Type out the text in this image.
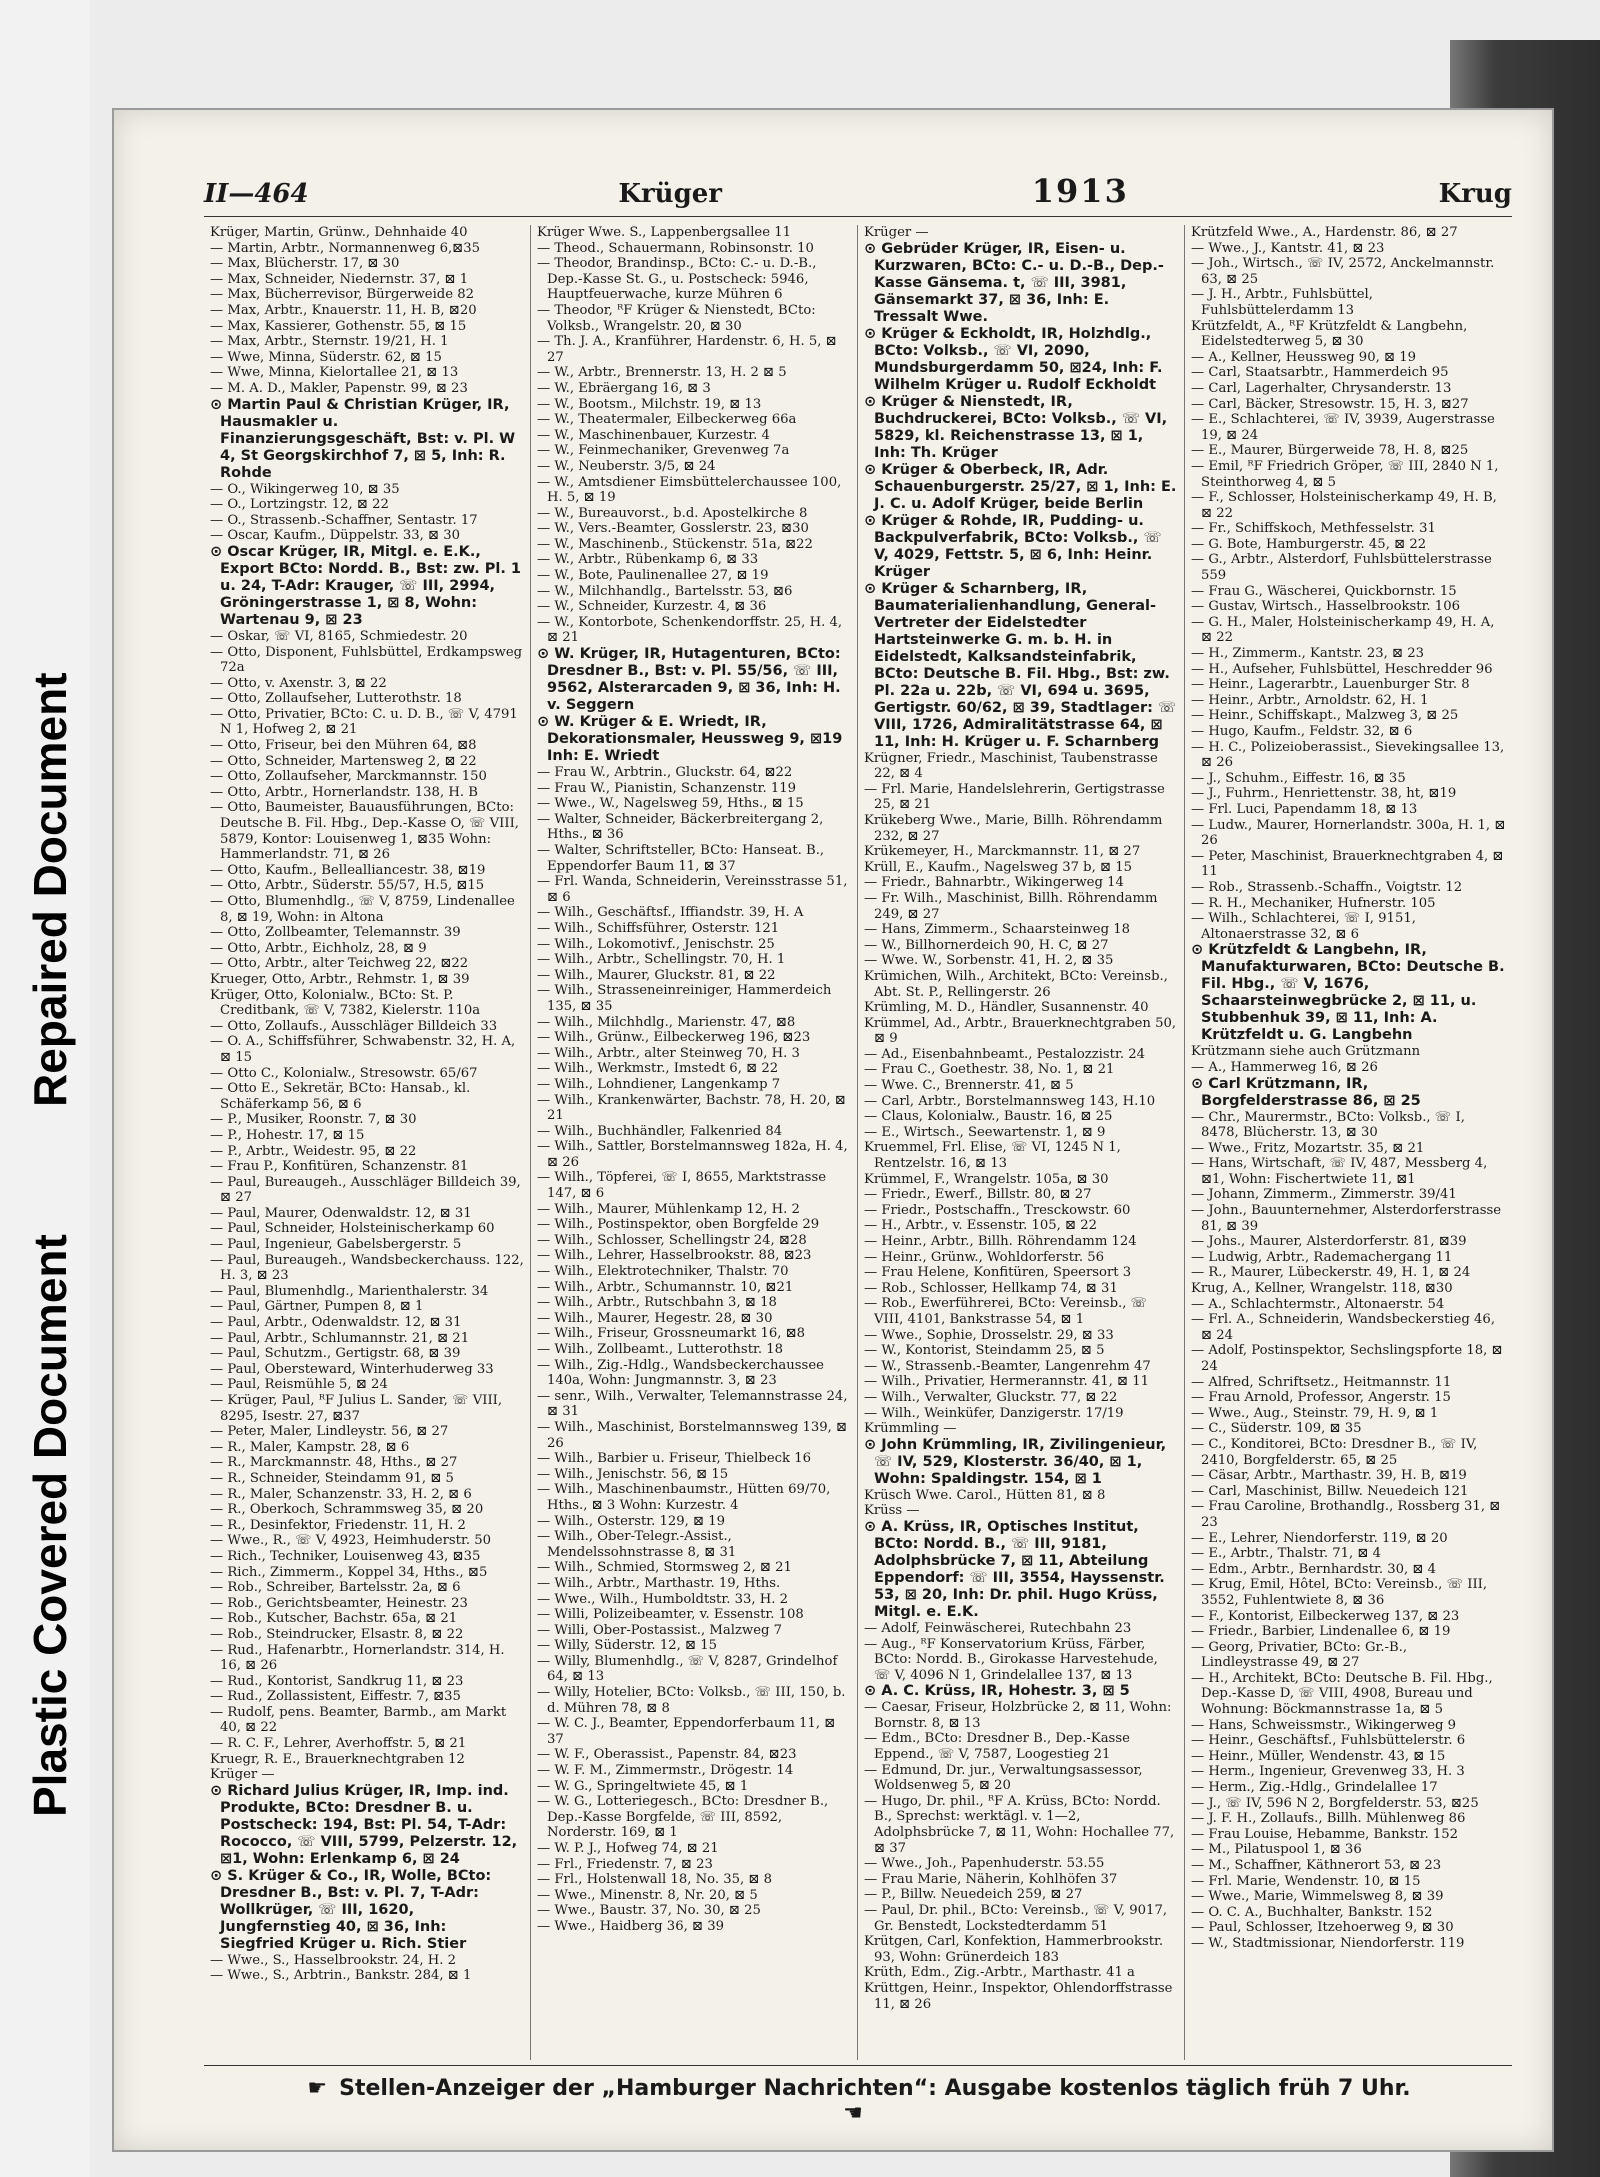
Repaired Document
Plastic Covered Document
II—464	Krüger	1913	Krug
Krüger, Martin, Grünw., Dehnhaide 40
— Martin, Arbtr., Normannenweg 6,⊠35
— Max, Blücherstr. 17, ⊠ 30
— Max, Schneider, Niedernstr. 37, ⊠ 1
— Max, Bücherrevisor, Bürgerweide 82
— Max, Arbtr., Knauerstr. 11, H. B, ⊠20
— Max, Kassierer, Gothenstr. 55, ⊠ 15
— Max, Arbtr., Sternstr. 19/21, H. 1
— Wwe, Minna, Süderstr. 62, ⊠ 15
— Wwe, Minna, Kielortallee 21, ⊠ 13
— M. A. D., Makler, Papenstr. 99, ⊠ 23
⊙ Martin Paul & Christian Krüger, IR, Hausmakler u. Finanzierungsgeschäft, Bst: v. Pl. W 4, St Georgskirchhof 7, ⊠ 5, Inh: R. Rohde
— O., Wikingerweg 10, ⊠ 35
— O., Lortzingstr. 12, ⊠ 22
— O., Strassenb.-Schaffner, Sentastr. 17
— Oscar, Kaufm., Düppelstr. 33, ⊠ 30
⊙ Oscar Krüger, IR, Mitgl. e. E.K., Export BCto: Nordd. B., Bst: zw. Pl. 1 u. 24, T-Adr: Krauger, ☏ III, 2994, Gröningerstrasse 1, ⊠ 8, Wohn: Wartenau 9, ⊠ 23
— Oskar, ☏ VI, 8165, Schmiedestr. 20
— Otto, Disponent, Fuhlsbüttel, Erdkampsweg 72a
— Otto, v. Axenstr. 3, ⊠ 22
— Otto, Zollaufseher, Lutterothstr. 18
— Otto, Privatier, BCto: C. u. D. B., ☏ V, 4791 N 1, Hofweg 2, ⊠ 21
— Otto, Friseur, bei den Mühren 64, ⊠8
— Otto, Schneider, Martensweg 2, ⊠ 22
— Otto, Zollaufseher, Marckmannstr. 150
— Otto, Arbtr., Hornerlandstr. 138, H. B
— Otto, Baumeister, Bauausführungen, BCto: Deutsche B. Fil. Hbg., Dep.-Kasse O, ☏ VIII, 5879, Kontor: Louisenweg 1, ⊠35 Wohn: Hammerlandstr. 71, ⊠ 26
— Otto, Kaufm., Bellealliancestr. 38, ⊠19
— Otto, Arbtr., Süderstr. 55/57, H.5, ⊠15
— Otto, Blumenhdlg., ☏ V, 8759, Lindenallee 8, ⊠ 19, Wohn: in Altona
— Otto, Zollbeamter, Telemannstr. 39
— Otto, Arbtr., Eichholz, 28, ⊠ 9
— Otto, Arbtr., alter Teichweg 22, ⊠22
Krueger, Otto, Arbtr., Rehmstr. 1, ⊠ 39
Krüger, Otto, Kolonialw., BCto: St. P. Creditbank, ☏ V, 7382, Kielerstr. 110a
— Otto, Zollaufs., Ausschläger Billdeich 33
— O. A., Schiffsführer, Schwabenstr. 32, H. A, ⊠ 15
— Otto C., Kolonialw., Stresowstr. 65/67
— Otto E., Sekretär, BCto: Hansab., kl. Schäferkamp 56, ⊠ 6
— P., Musiker, Roonstr. 7, ⊠ 30
— P., Hohestr. 17, ⊠ 15
— P., Arbtr., Weidestr. 95, ⊠ 22
— Frau P., Konfitüren, Schanzenstr. 81
— Paul, Bureaugeh., Ausschläger Billdeich 39, ⊠ 27
— Paul, Maurer, Odenwaldstr. 12, ⊠ 31
— Paul, Schneider, Holsteinischerkamp 60
— Paul, Ingenieur, Gabelsbergerstr. 5
— Paul, Bureaugeh., Wandsbeckerchauss. 122, H. 3, ⊠ 23
— Paul, Blumenhdlg., Marienthalerstr. 34
— Paul, Gärtner, Pumpen 8, ⊠ 1
— Paul, Arbtr., Odenwaldstr. 12, ⊠ 31
— Paul, Arbtr., Schlumannstr. 21, ⊠ 21
— Paul, Schutzm., Gertigstr. 68, ⊠ 39
— Paul, Obersteward, Winterhuderweg 33
— Paul, Reismühle 5, ⊠ 24
— Krüger, Paul, ᴿF Julius L. Sander, ☏ VIII, 8295, Isestr. 27, ⊠37
— Peter, Maler, Lindleystr. 56, ⊠ 27
— R., Maler, Kampstr. 28, ⊠ 6
— R., Marckmannstr. 48, Hths., ⊠ 27
— R., Schneider, Steindamm 91, ⊠ 5
— R., Maler, Schanzenstr. 33, H. 2, ⊠ 6
— R., Oberkoch, Schrammsweg 35, ⊠ 20
— R., Desinfektor, Friedenstr. 11, H. 2
— Wwe., R., ☏ V, 4923, Heimhuderstr. 50
— Rich., Techniker, Louisenweg 43, ⊠35
— Rich., Zimmerm., Koppel 34, Hths., ⊠5
— Rob., Schreiber, Bartelsstr. 2a, ⊠ 6
— Rob., Gerichtsbeamter, Heinestr. 23
— Rob., Kutscher, Bachstr. 65a, ⊠ 21
— Rob., Steindrucker, Elsastr. 8, ⊠ 22
— Rud., Hafenarbtr., Hornerlandstr. 314, H. 16, ⊠ 26
— Rud., Kontorist, Sandkrug 11, ⊠ 23
— Rud., Zollassistent, Eiffestr. 7, ⊠35
— Rudolf, pens. Beamter, Barmb., am Markt 40, ⊠ 22
— R. C. F., Lehrer, Averhoffstr. 5, ⊠ 21
Kruegr, R. E., Brauerknechtgraben 12
Krüger —
⊙ Richard Julius Krüger, IR, Imp. ind. Produkte, BCto: Dresdner B. u. Postscheck: 194, Bst: Pl. 54, T-Adr: Rococco, ☏ VIII, 5799, Pelzerstr. 12, ⊠1, Wohn: Erlenkamp 6, ⊠ 24
⊙ S. Krüger & Co., IR, Wolle, BCto: Dresdner B., Bst: v. Pl. 7, T-Adr: Wollkrüger, ☏ III, 1620, Jungfernstieg 40, ⊠ 36, Inh: Siegfried Krüger u. Rich. Stier
— Wwe., S., Hasselbrookstr. 24, H. 2
— Wwe., S., Arbtrin., Bankstr. 284, ⊠ 1
Krüger Wwe. S., Lappenbergsallee 11
— Theod., Schauermann, Robinsonstr. 10
— Theodor, Brandinsp., BCto: C.- u. D.-B., Dep.-Kasse St. G., u. Postscheck: 5946, Hauptfeuerwache, kurze Mühren 6
— Theodor, ᴿF Krüger & Nienstedt, BCto: Volksb., Wrangelstr. 20, ⊠ 30
— Th. J. A., Kranführer, Hardenstr. 6, H. 5, ⊠ 27
— W., Arbtr., Brennerstr. 13, H. 2 ⊠ 5
— W., Ebräergang 16, ⊠ 3
— W., Bootsm., Milchstr. 19, ⊠ 13
— W., Theatermaler, Eilbeckerweg 66a
— W., Maschinenbauer, Kurzestr. 4
— W., Feinmechaniker, Grevenweg 7a
— W., Neuberstr. 3/5, ⊠ 24
— W., Amtsdiener Eimsbüttelerchaussee 100, H. 5, ⊠ 19
— W., Bureauvorst., b.d. Apostelkirche 8
— W., Vers.-Beamter, Gosslerstr. 23, ⊠30
— W., Maschinenb., Stückenstr. 51a, ⊠22
— W., Arbtr., Rübenkamp 6, ⊠ 33
— W., Bote, Paulinenallee 27, ⊠ 19
— W., Milchhandlg., Bartelsstr. 53, ⊠6
— W., Schneider, Kurzestr. 4, ⊠ 36
— W., Kontorbote, Schenkendorffstr. 25, H. 4, ⊠ 21
⊙ W. Krüger, IR, Hutagenturen, BCto: Dresdner B., Bst: v. Pl. 55/56, ☏ III, 9562, Alsterarcaden 9, ⊠ 36, Inh: H. v. Seggern
⊙ W. Krüger & E. Wriedt, IR, Dekorationsmaler, Heussweg 9, ⊠19 Inh: E. Wriedt
— Frau W., Arbtrin., Gluckstr. 64, ⊠22
— Frau W., Pianistin, Schanzenstr. 119
— Wwe., W., Nagelsweg 59, Hths., ⊠ 15
— Walter, Schneider, Bäckerbreitergang 2, Hths., ⊠ 36
— Walter, Schriftsteller, BCto: Hanseat. B., Eppendorfer Baum 11, ⊠ 37
— Frl. Wanda, Schneiderin, Vereinsstrasse 51, ⊠ 6
— Wilh., Geschäftsf., Iffiandstr. 39, H. A
— Wilh., Schiffsführer, Osterstr. 121
— Wilh., Lokomotivf., Jenischstr. 25
— Wilh., Arbtr., Schellingstr. 70, H. 1
— Wilh., Maurer, Gluckstr. 81, ⊠ 22
— Wilh., Strasseneinreiniger, Hammerdeich 135, ⊠ 35
— Wilh., Milchhdlg., Marienstr. 47, ⊠8
— Wilh., Grünw., Eilbeckerweg 196, ⊠23
— Wilh., Arbtr., alter Steinweg 70, H. 3
— Wilh., Werkmstr., Imstedt 6, ⊠ 22
— Wilh., Lohndiener, Langenkamp 7
— Wilh., Krankenwärter, Bachstr. 78, H. 20, ⊠ 21
— Wilh., Buchhändler, Falkenried 84
— Wilh., Sattler, Borstelmannsweg 182a, H. 4, ⊠ 26
— Wilh., Töpferei, ☏ I, 8655, Marktstrasse 147, ⊠ 6
— Wilh., Maurer, Mühlenkamp 12, H. 2
— Wilh., Postinspektor, oben Borgfelde 29
— Wilh., Schlosser, Schellingstr 24, ⊠28
— Wilh., Lehrer, Hasselbrookstr. 88, ⊠23
— Wilh., Elektrotechniker, Thalstr. 70
— Wilh., Arbtr., Schumannstr. 10, ⊠21
— Wilh., Arbtr., Rutschbahn 3, ⊠ 18
— Wilh., Maurer, Hegestr. 28, ⊠ 30
— Wilh., Friseur, Grossneumarkt 16, ⊠8
— Wilh., Zollbeamt., Lutterothstr. 18
— Wilh., Zig.-Hdlg., Wandsbeckerchaussee 140a, Wohn: Jungmannstr. 3, ⊠ 23
— senr., Wilh., Verwalter, Telemannstrasse 24, ⊠ 31
— Wilh., Maschinist, Borstelmannsweg 139, ⊠ 26
— Wilh., Barbier u. Friseur, Thielbeck 16
— Wilh., Jenischstr. 56, ⊠ 15
— Wilh., Maschinenbaumstr., Hütten 69/70, Hths., ⊠ 3 Wohn: Kurzestr. 4
— Wilh., Osterstr. 129, ⊠ 19
— Wilh., Ober-Telegr.-Assist., Mendelssohnstrasse 8, ⊠ 31
— Wilh., Schmied, Stormsweg 2, ⊠ 21
— Wilh., Arbtr., Marthastr. 19, Hths.
— Wwe., Wilh., Humboldtstr. 33, H. 2
— Willi, Polizeibeamter, v. Essenstr. 108
— Willi, Ober-Postassist., Malzweg 7
— Willy, Süderstr. 12, ⊠ 15
— Willy, Blumenhdlg., ☏ V, 8287, Grindelhof 64, ⊠ 13
— Willy, Hotelier, BCto: Volksb., ☏ III, 150, b. d. Mühren 78, ⊠ 8
— W. C. J., Beamter, Eppendorferbaum 11, ⊠ 37
— W. F., Oberassist., Papenstr. 84, ⊠23
— W. F. M., Zimmermstr., Drögestr. 14
— W. G., Springeltwiete 45, ⊠ 1
— W. G., Lotteriegesch., BCto: Dresdner B., Dep.-Kasse Borgfelde, ☏ III, 8592, Norderstr. 169, ⊠ 1
— W. P. J., Hofweg 74, ⊠ 21
— Frl., Friedenstr. 7, ⊠ 23
— Frl., Holstenwall 18, No. 35, ⊠ 8
— Wwe., Minenstr. 8, Nr. 20, ⊠ 5
— Wwe., Baustr. 37, No. 30, ⊠ 25
— Wwe., Haidberg 36, ⊠ 39
Krüger —
⊙ Gebrüder Krüger, IR, Eisen- u. Kurzwaren, BCto: C.- u. D.-B., Dep.-Kasse Gänsema. t, ☏ III, 3981, Gänsemarkt 37, ⊠ 36, Inh: E. Tressalt Wwe.
⊙ Krüger & Eckholdt, IR, Holzhdlg., BCto: Volksb., ☏ VI, 2090, Mundsburgerdamm 50, ⊠24, Inh: F. Wilhelm Krüger u. Rudolf Eckholdt
⊙ Krüger & Nienstedt, IR, Buchdruckerei, BCto: Volksb., ☏ VI, 5829, kl. Reichenstrasse 13, ⊠ 1, Inh: Th. Krüger
⊙ Krüger & Oberbeck, IR, Adr. Schauenburgerstr. 25/27, ⊠ 1, Inh: E. J. C. u. Adolf Krüger, beide Berlin
⊙ Krüger & Rohde, IR, Pudding- u. Backpulverfabrik, BCto: Volksb., ☏ V, 4029, Fettstr. 5, ⊠ 6, Inh: Heinr. Krüger
⊙ Krüger & Scharnberg, IR, Baumaterialienhandlung, General-Vertreter der Eidelstedter Hartsteinwerke G. m. b. H. in Eidelstedt, Kalksandsteinfabrik, BCto: Deutsche B. Fil. Hbg., Bst: zw. Pl. 22a u. 22b, ☏ VI, 694 u. 3695, Gertigstr. 60/62, ⊠ 39, Stadtlager: ☏ VIII, 1726, Admiralitätstrasse 64, ⊠ 11, Inh: H. Krüger u. F. Scharnberg
Krügner, Friedr., Maschinist, Taubenstrasse 22, ⊠ 4
— Frl. Marie, Handelslehrerin, Gertigstrasse 25, ⊠ 21
Krükeberg Wwe., Marie, Billh. Röhrendamm 232, ⊠ 27
Krükemeyer, H., Marckmannstr. 11, ⊠ 27
Krüll, E., Kaufm., Nagelsweg 37 b, ⊠ 15
— Friedr., Bahnarbtr., Wikingerweg 14
— Fr. Wilh., Maschinist, Billh. Röhrendamm 249, ⊠ 27
— Hans, Zimmerm., Schaarsteinweg 18
— W., Billhornerdeich 90, H. C, ⊠ 27
— Wwe. W., Sorbenstr. 41, H. 2, ⊠ 35
Krümichen, Wilh., Architekt, BCto: Vereinsb., Abt. St. P., Rellingerstr. 26
Krümling, M. D., Händler, Susannenstr. 40
Krümmel, Ad., Arbtr., Brauerknechtgraben 50, ⊠ 9
— Ad., Eisenbahnbeamt., Pestalozzistr. 24
— Frau C., Goethestr. 38, No. 1, ⊠ 21
— Wwe. C., Brennerstr. 41, ⊠ 5
— Carl, Arbtr., Borstelmannsweg 143, H.10
— Claus, Kolonialw., Baustr. 16, ⊠ 25
— E., Wirtsch., Seewartenstr. 1, ⊠ 9
Kruemmel, Frl. Elise, ☏ VI, 1245 N 1, Rentzelstr. 16, ⊠ 13
Krümmel, F., Wrangelstr. 105a, ⊠ 30
— Friedr., Ewerf., Billstr. 80, ⊠ 27
— Friedr., Postschaffn., Tresckowstr. 60
— H., Arbtr., v. Essenstr. 105, ⊠ 22
— Heinr., Arbtr., Billh. Röhrendamm 124
— Heinr., Grünw., Wohldorferstr. 56
— Frau Helene, Konfitüren, Speersort 3
— Rob., Schlosser, Hellkamp 74, ⊠ 31
— Rob., Ewerführerei, BCto: Vereinsb., ☏ VIII, 4101, Bankstrasse 54, ⊠ 1
— Wwe., Sophie, Drosselstr. 29, ⊠ 33
— W., Kontorist, Steindamm 25, ⊠ 5
— W., Strassenb.-Beamter, Langenrehm 47
— Wilh., Privatier, Hermerannstr. 41, ⊠ 11
— Wilh., Verwalter, Gluckstr. 77, ⊠ 22
— Wilh., Weinküfer, Danzigerstr. 17/19
Krümmling —
⊙ John Krümmling, IR, Zivilingenieur, ☏ IV, 529, Klosterstr. 36/40, ⊠ 1, Wohn: Spaldingstr. 154, ⊠ 1
Krüsch Wwe. Carol., Hütten 81, ⊠ 8
Krüss —
⊙ A. Krüss, IR, Optisches Institut, BCto: Nordd. B., ☏ III, 9181, Adolphsbrücke 7, ⊠ 11, Abteilung Eppendorf: ☏ III, 3554, Hayssenstr. 53, ⊠ 20, Inh: Dr. phil. Hugo Krüss, Mitgl. e. E.K.
— Adolf, Feinwäscherei, Rutechbahn 23
— Aug., ᴿF Konservatorium Krüss, Färber, BCto: Nordd. B., Girokasse Harvestehude, ☏ V, 4096 N 1, Grindelallee 137, ⊠ 13
⊙ A. C. Krüss, IR, Hohestr. 3, ⊠ 5
— Caesar, Friseur, Holzbrücke 2, ⊠ 11, Wohn: Bornstr. 8, ⊠ 13
— Edm., BCto: Dresdner B., Dep.-Kasse Eppend., ☏ V, 7587, Loogestieg 21
— Edmund, Dr. jur., Verwaltungsassessor, Woldsenweg 5, ⊠ 20
— Hugo, Dr. phil., ᴿF A. Krüss, BCto: Nordd. B., Sprechst: werktägl. v. 1—2, Adolphsbrücke 7, ⊠ 11, Wohn: Hochallee 77, ⊠ 37
— Wwe., Joh., Papenhuderstr. 53.55
— Frau Marie, Näherin, Kohlhöfen 37
— P., Billw. Neuedeich 259, ⊠ 27
— Paul, Dr. phil., BCto: Vereinsb., ☏ V, 9017, Gr. Benstedt, Lockstedterdamm 51
Krütgen, Carl, Konfektion, Hammerbrookstr. 93, Wohn: Grünerdeich 183
Krüth, Edm., Zig.-Arbtr., Marthastr. 41 a
Krüttgen, Heinr., Inspektor, Ohlendorffstrasse 11, ⊠ 26
Krützfeld Wwe., A., Hardenstr. 86, ⊠ 27
— Wwe., J., Kantstr. 41, ⊠ 23
— Joh., Wirtsch., ☏ IV, 2572, Anckelmannstr. 63, ⊠ 25
— J. H., Arbtr., Fuhlsbüttel, Fuhlsbüttelerdamm 13
Krützfeldt, A., ᴿF Krützfeldt & Langbehn, Eidelstedterweg 5, ⊠ 30
— A., Kellner, Heussweg 90, ⊠ 19
— Carl, Staatsarbtr., Hammerdeich 95
— Carl, Lagerhalter, Chrysanderstr. 13
— Carl, Bäcker, Stresowstr. 15, H. 3, ⊠27
— E., Schlachterei, ☏ IV, 3939, Augerstrasse 19, ⊠ 24
— E., Maurer, Bürgerweide 78, H. 8, ⊠25
— Emil, ᴿF Friedrich Gröper, ☏ III, 2840 N 1, Steinthorweg 4, ⊠ 5
— F., Schlosser, Holsteinischerkamp 49, H. B, ⊠ 22
— Fr., Schiffskoch, Methfesselstr. 31
— G. Bote, Hamburgerstr. 45, ⊠ 22
— G., Arbtr., Alsterdorf, Fuhlsbüttelerstrasse 559
— Frau G., Wäscherei, Quickbornstr. 15
— Gustav, Wirtsch., Hasselbrookstr. 106
— G. H., Maler, Holsteinischerkamp 49, H. A, ⊠ 22
— H., Zimmerm., Kantstr. 23, ⊠ 23
— H., Aufseher, Fuhlsbüttel, Heschredder 96
— Heinr., Lagerarbtr., Lauenburger Str. 8
— Heinr., Arbtr., Arnoldstr. 62, H. 1
— Heinr., Schiffskapt., Malzweg 3, ⊠ 25
— Hugo, Kaufm., Feldstr. 32, ⊠ 6
— H. C., Polizeioberassist., Sievekingsallee 13, ⊠ 26
— J., Schuhm., Eiffestr. 16, ⊠ 35
— J., Fuhrm., Henriettenstr. 38, ht, ⊠19
— Frl. Luci, Papendamm 18, ⊠ 13
— Ludw., Maurer, Hornerlandstr. 300a, H. 1, ⊠ 26
— Peter, Maschinist, Brauerknechtgraben 4, ⊠ 11
— Rob., Strassenb.-Schaffn., Voigtstr. 12
— R. H., Mechaniker, Hufnerstr. 105
— Wilh., Schlachterei, ☏ I, 9151, Altonaerstrasse 32, ⊠ 6
⊙ Krützfeldt & Langbehn, IR, Manufakturwaren, BCto: Deutsche B. Fil. Hbg., ☏ V, 1676, Schaarsteinwegbrücke 2, ⊠ 11, u. Stubbenhuk 39, ⊠ 11, Inh: A. Krützfeldt u. G. Langbehn
Krützmann siehe auch Grützmann
— A., Hammerweg 16, ⊠ 26
⊙ Carl Krützmann, IR, Borgfelderstrasse 86, ⊠ 25
— Chr., Maurermstr., BCto: Volksb., ☏ I, 8478, Blücherstr. 13, ⊠ 30
— Wwe., Fritz, Mozartstr. 35, ⊠ 21
— Hans, Wirtschaft, ☏ IV, 487, Messberg 4, ⊠1, Wohn: Fischertwiete 11, ⊠1
— Johann, Zimmerm., Zimmerstr. 39/41
— John., Bauunternehmer, Alsterdorferstrasse 81, ⊠ 39
— Johs., Maurer, Alsterdorferstr. 81, ⊠39
— Ludwig, Arbtr., Rademachergang 11
— R., Maurer, Lübeckerstr. 49, H. 1, ⊠ 24
Krug, A., Kellner, Wrangelstr. 118, ⊠30
— A., Schlachtermstr., Altonaerstr. 54
— Frl. A., Schneiderin, Wandsbeckerstieg 46, ⊠ 24
— Adolf, Postinspektor, Sechslingspforte 18, ⊠ 24
— Alfred, Schriftsetz., Heitmannstr. 11
— Frau Arnold, Professor, Angerstr. 15
— Wwe., Aug., Steinstr. 79, H. 9, ⊠ 1
— C., Süderstr. 109, ⊠ 35
— C., Konditorei, BCto: Dresdner B., ☏ IV, 2410, Borgfelderstr. 65, ⊠ 25
— Cäsar, Arbtr., Marthastr. 39, H. B, ⊠19
— Carl, Maschinist, Billw. Neuedeich 121
— Frau Caroline, Brothandlg., Rossberg 31, ⊠ 23
— E., Lehrer, Niendorferstr. 119, ⊠ 20
— E., Arbtr., Thalstr. 71, ⊠ 4
— Edm., Arbtr., Bernhardstr. 30, ⊠ 4
— Krug, Emil, Hôtel, BCto: Vereinsb., ☏ III, 3552, Fuhlentwiete 8, ⊠ 36
— F., Kontorist, Eilbeckerweg 137, ⊠ 23
— Friedr., Barbier, Lindenallee 6, ⊠ 19
— Georg, Privatier, BCto: Gr.-B., Lindleystrasse 49, ⊠ 27
— H., Architekt, BCto: Deutsche B. Fil. Hbg., Dep.-Kasse D, ☏ VIII, 4908, Bureau und Wohnung: Böckmannstrasse 1a, ⊠ 5
— Hans, Schweissmstr., Wikingerweg 9
— Heinr., Geschäftsf., Fuhlsbüttelerstr. 6
— Heinr., Müller, Wendenstr. 43, ⊠ 15
— Herm., Ingenieur, Grevenweg 33, H. 3
— Herm., Zig.-Hdlg., Grindelallee 17
— J., ☏ IV, 596 N 2, Borgfelderstr. 53, ⊠25
— J. F. H., Zollaufs., Billh. Mühlenweg 86
— Frau Louise, Hebamme, Bankstr. 152
— M., Pilatuspool 1, ⊠ 36
— M., Schaffner, Käthnerort 53, ⊠ 23
— Frl. Marie, Wendenstr. 10, ⊠ 15
— Wwe., Marie, Wimmelsweg 8, ⊠ 39
— O. C. A., Buchhalter, Bankstr. 152
— Paul, Schlosser, Itzehoerweg 9, ⊠ 30
— W., Stadtmissionar, Niendorferstr. 119
☛ Stellen-Anzeiger der „Hamburger Nachrichten“: Ausgabe kostenlos täglich früh 7 Uhr.☚
